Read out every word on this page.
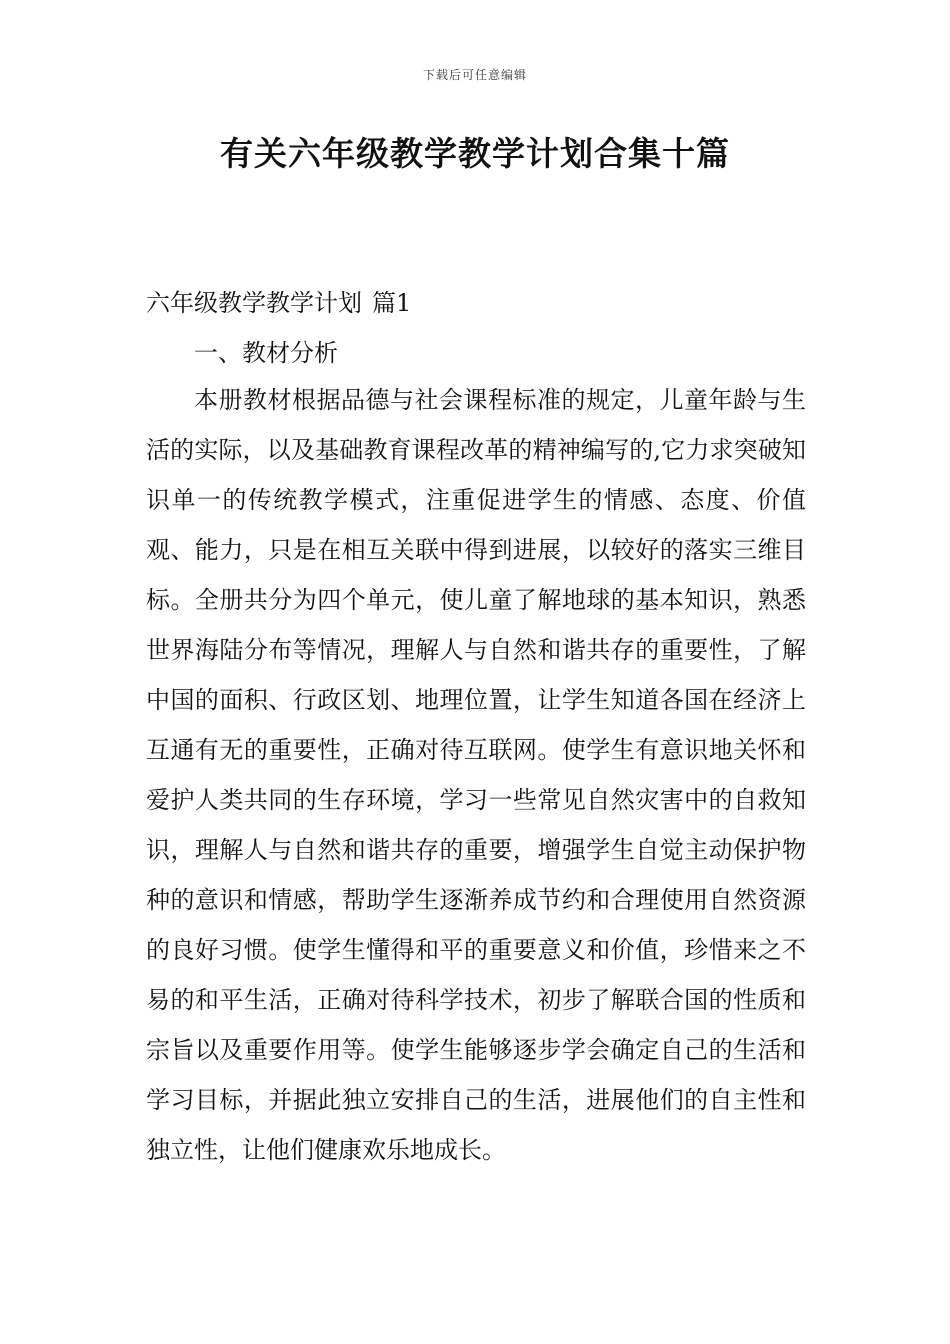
下载后可任意编辑
有关六年级教学教学计划合集十篇
六年级教学教学计划 篇1

一、教材分析

本册教材根据品德与社会课程标准的规定，儿童年龄与生活的实际，以及基础教育课程改革的精神编写的,它力求突破知识单一的传统教学模式，注重促进学生的情感、态度、价值观、能力，只是在相互关联中得到进展，以较好的落实三维目标。全册共分为四个单元，使儿童了解地球的基本知识，熟悉世界海陆分布等情况，理解人与自然和谐共存的重要性，了解中国的面积、行政区划、地理位置，让学生知道各国在经济上互通有无的重要性，正确对待互联网。使学生有意识地关怀和爱护人类共同的生存环境，学习一些常见自然灾害中的自救知识，理解人与自然和谐共存的重要，增强学生自觉主动保护物种的意识和情感，帮助学生逐渐养成节约和合理使用自然资源的良好习惯。使学生懂得和平的重要意义和价值，珍惜来之不易的和平生活，正确对待科学技术，初步了解联合国的性质和宗旨以及重要作用等。使学生能够逐步学会确定自己的生活和学习目标，并据此独立安排自己的生活，进展他们的自主性和独立性，让他们健康欢乐地成长。
